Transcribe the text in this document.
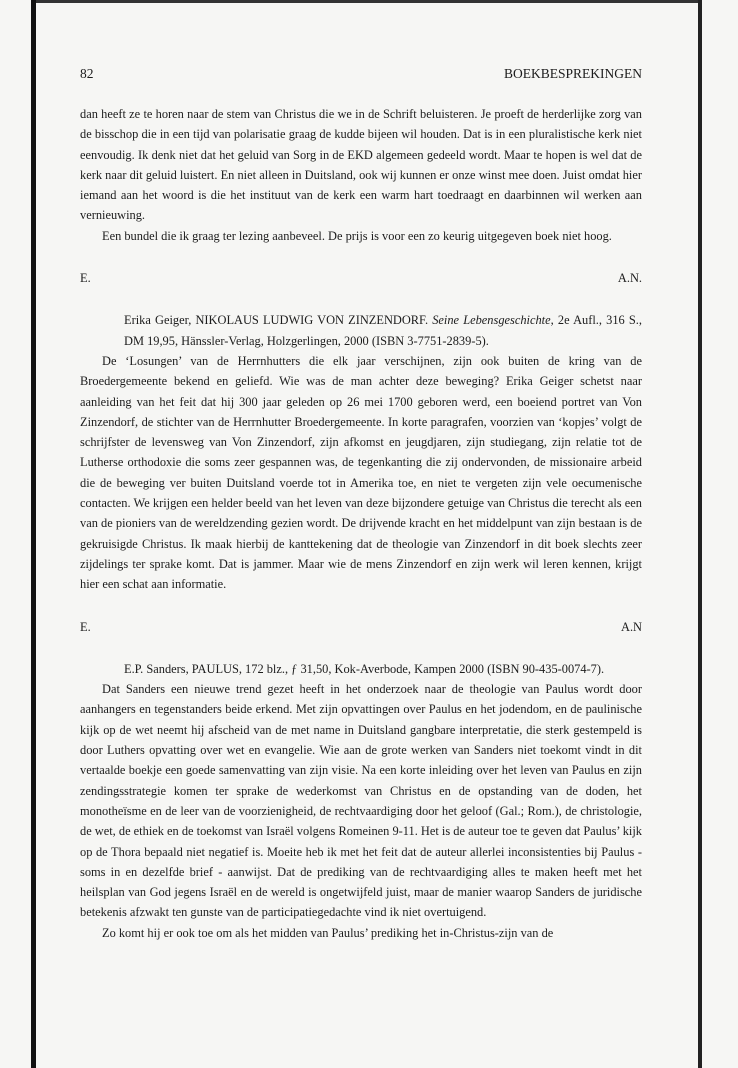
82	BOEKBESPREKINGEN

dan heeft ze te horen naar de stem van Christus die we in de Schrift beluisteren. Je proeft de herderlijke zorg van de bisschop die in een tijd van polarisatie graag de kudde bijeen wil houden. Dat is in een pluralistische kerk niet eenvoudig. Ik denk niet dat het geluid van Sorg in de EKD algemeen gedeeld wordt. Maar te hopen is wel dat de kerk naar dit geluid luistert. En niet alleen in Duitsland, ook wij kunnen er onze winst mee doen. Juist omdat hier iemand aan het woord is die het instituut van de kerk een warm hart toedraagt en daarbinnen wil werken aan vernieuwing.

Een bundel die ik graag ter lezing aanbeveel. De prijs is voor een zo keurig uitgegeven boek niet hoog.

E.	A.N.

Erika Geiger, NIKOLAUS LUDWIG VON ZINZENDORF. Seine Lebensgeschichte, 2e Aufl., 316 S., DM 19,95, Hänssler-Verlag, Holzgerlingen, 2000 (ISBN 3-7751-2839-5).

De ‘Losungen’ van de Herrnhutters die elk jaar verschijnen, zijn ook buiten de kring van de Broedergemeente bekend en geliefd. Wie was de man achter deze beweging? Erika Geiger schetst naar aanleiding van het feit dat hij 300 jaar geleden op 26 mei 1700 geboren werd, een boeiend portret van Von Zinzendorf, de stichter van de Herrnhutter Broedergemeente. In korte paragrafen, voorzien van ‘kopjes’ volgt de schrijfster de levensweg van Von Zinzendorf, zijn afkomst en jeugdjaren, zijn studiegang, zijn relatie tot de Lutherse orthodoxie die soms zeer gespannen was, de tegenkanting die zij ondervonden, de missionaire arbeid die de beweging ver buiten Duitsland voerde tot in Amerika toe, en niet te vergeten zijn vele oecumenische contacten. We krijgen een helder beeld van het leven van deze bijzondere getuige van Christus die terecht als een van de pioniers van de wereldzending gezien wordt. De drijvende kracht en het middelpunt van zijn bestaan is de gekruisigde Christus. Ik maak hierbij de kanttekening dat de theologie van Zinzendorf in dit boek slechts zeer zijdelings ter sprake komt. Dat is jammer. Maar wie de mens Zinzendorf en zijn werk wil leren kennen, krijgt hier een schat aan informatie.

E.	A.N

E.P. Sanders, PAULUS, 172 blz., ƒ 31,50, Kok-Averbode, Kampen 2000 (ISBN 90-435-0074-7).

Dat Sanders een nieuwe trend gezet heeft in het onderzoek naar de theologie van Paulus wordt door aanhangers en tegenstanders beide erkend. Met zijn opvattingen over Paulus en het jodendom, en de paulinische kijk op de wet neemt hij afscheid van de met name in Duitsland gangbare interpretatie, die sterk gestempeld is door Luthers opvatting over wet en evangelie. Wie aan de grote werken van Sanders niet toekomt vindt in dit vertaalde boekje een goede samenvatting van zijn visie. Na een korte inleiding over het leven van Paulus en zijn zendingsstrategie komen ter sprake de wederkomst van Christus en de opstanding van de doden, het monotheïsme en de leer van de voorzienigheid, de rechtvaardiging door het geloof (Gal.; Rom.), de christologie, de wet, de ethiek en de toekomst van Israël volgens Romeinen 9-11. Het is de auteur toe te geven dat Paulus’ kijk op de Thora bepaald niet negatief is. Moeite heb ik met het feit dat de auteur allerlei inconsistenties bij Paulus - soms in en dezelfde brief - aanwijst. Dat de prediking van de rechtvaardiging alles te maken heeft met het heilsplan van God jegens Israël en de wereld is ongetwijfeld juist, maar de manier waarop Sanders de juridische betekenis afzwakt ten gunste van de participatiegedachte vind ik niet overtuigend.

Zo komt hij er ook toe om als het midden van Paulus’ prediking het in-Christus-zijn van de
